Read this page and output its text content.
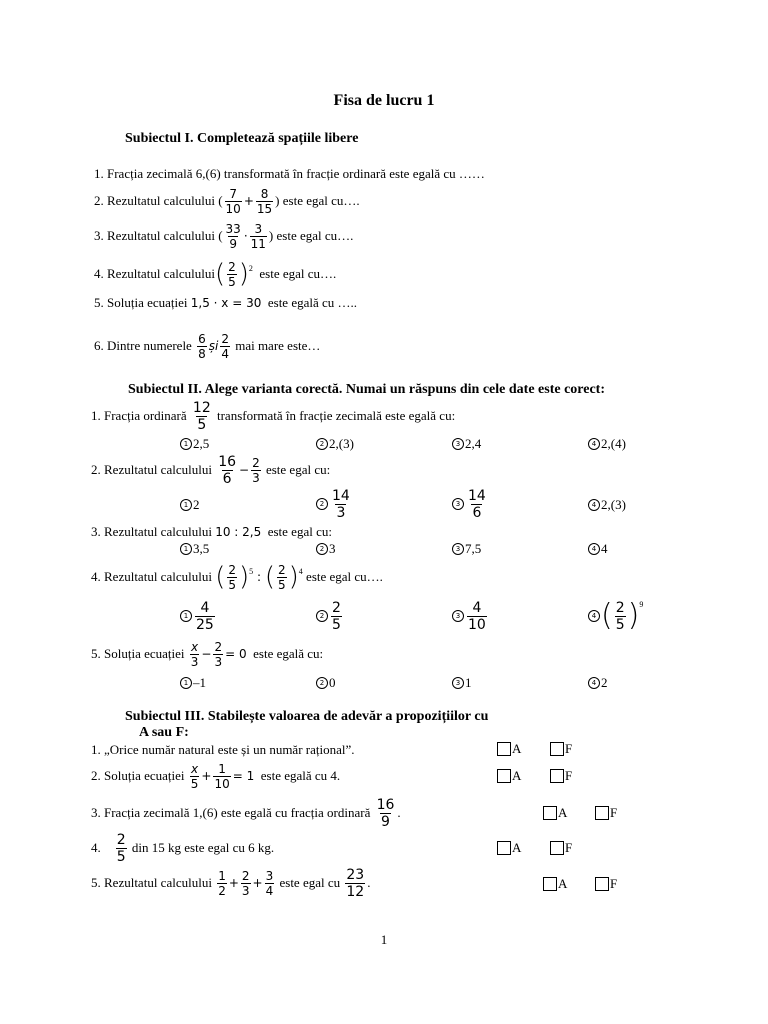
Fisa de lucru 1
Subiectul I. Completează spațiile libere
1. Fracția zecimală 6,(6) transformată în fracție ordinară este egală cu ……
2. Rezultatul calculului ( $\frac{7}{10} + \frac{8}{15}$ ) este egal cu….
3. Rezultatul calculului ( $\frac{33}{9} \cdot \frac{3}{11}$ ) este egal cu….
4. Rezultatul calculului ( $\frac{2}{5}$ ) 2
este egal cu….
5. Soluția ecuației
1,5 · x = 30
este egală cu …..
6. Dintre numerele
$\frac{6}{8}$ și $\frac{2}{4}$
mai mare este…
Subiectul II. Alege varianta corectă. Numai un răspuns din cele date este corect:
1. Fracția ordinară
$\frac{12}{5}$
transformată în fracție zecimală este egală cu:
1 2,5	2 2,(3)	3 2,4	4 2,(4)
2. Rezultatul calculului
$\frac{16}{6} - \frac{2}{3}$
este egal cu:
1 2	$2 \frac{14}{3}$	$3 \frac{14}{6}$	4 2,(3)
3. Rezultatul calculului
10 : 2,5
este egal cu:
1 3,5	2 3	3 7,5	4 4
4. Rezultatul calculului
( $\frac{2}{5}$ ) 5
:
( $\frac{2}{5}$ ) 4
este egal cu….
$1 \frac{4}{25}$	$2 \frac{2}{5}$	$3 \frac{4}{10}$	4 ( $\frac{2}{5}$ ) 9
5. Soluția ecuației
$\frac{x}{3} - \frac{2}{3} = 0$
este egală cu:
1 –1	2 0	3 1	4 2
Subiectul III. Stabilește valoarea de adevăr a propozițiilor cu
A sau F:
1. „Orice număr natural este și un număr rațional”.	A	F
2. Soluția ecuației
$\frac{x}{5} + \frac{1}{10} = 1$
este egală cu 4.	A	F
3. Fracția zecimală 1,(6) este egală cu fracția ordinară
$\frac{16}{9}$ .	A	F
4.
$\frac{2}{5}$
din 15 kg este egal cu 6 kg.	A	F
5. Rezultatul calculului
$\frac{1}{2} + \frac{2}{3} + \frac{3}{4}$
este egal cu
$\frac{23}{12}$ .	A	F
1
